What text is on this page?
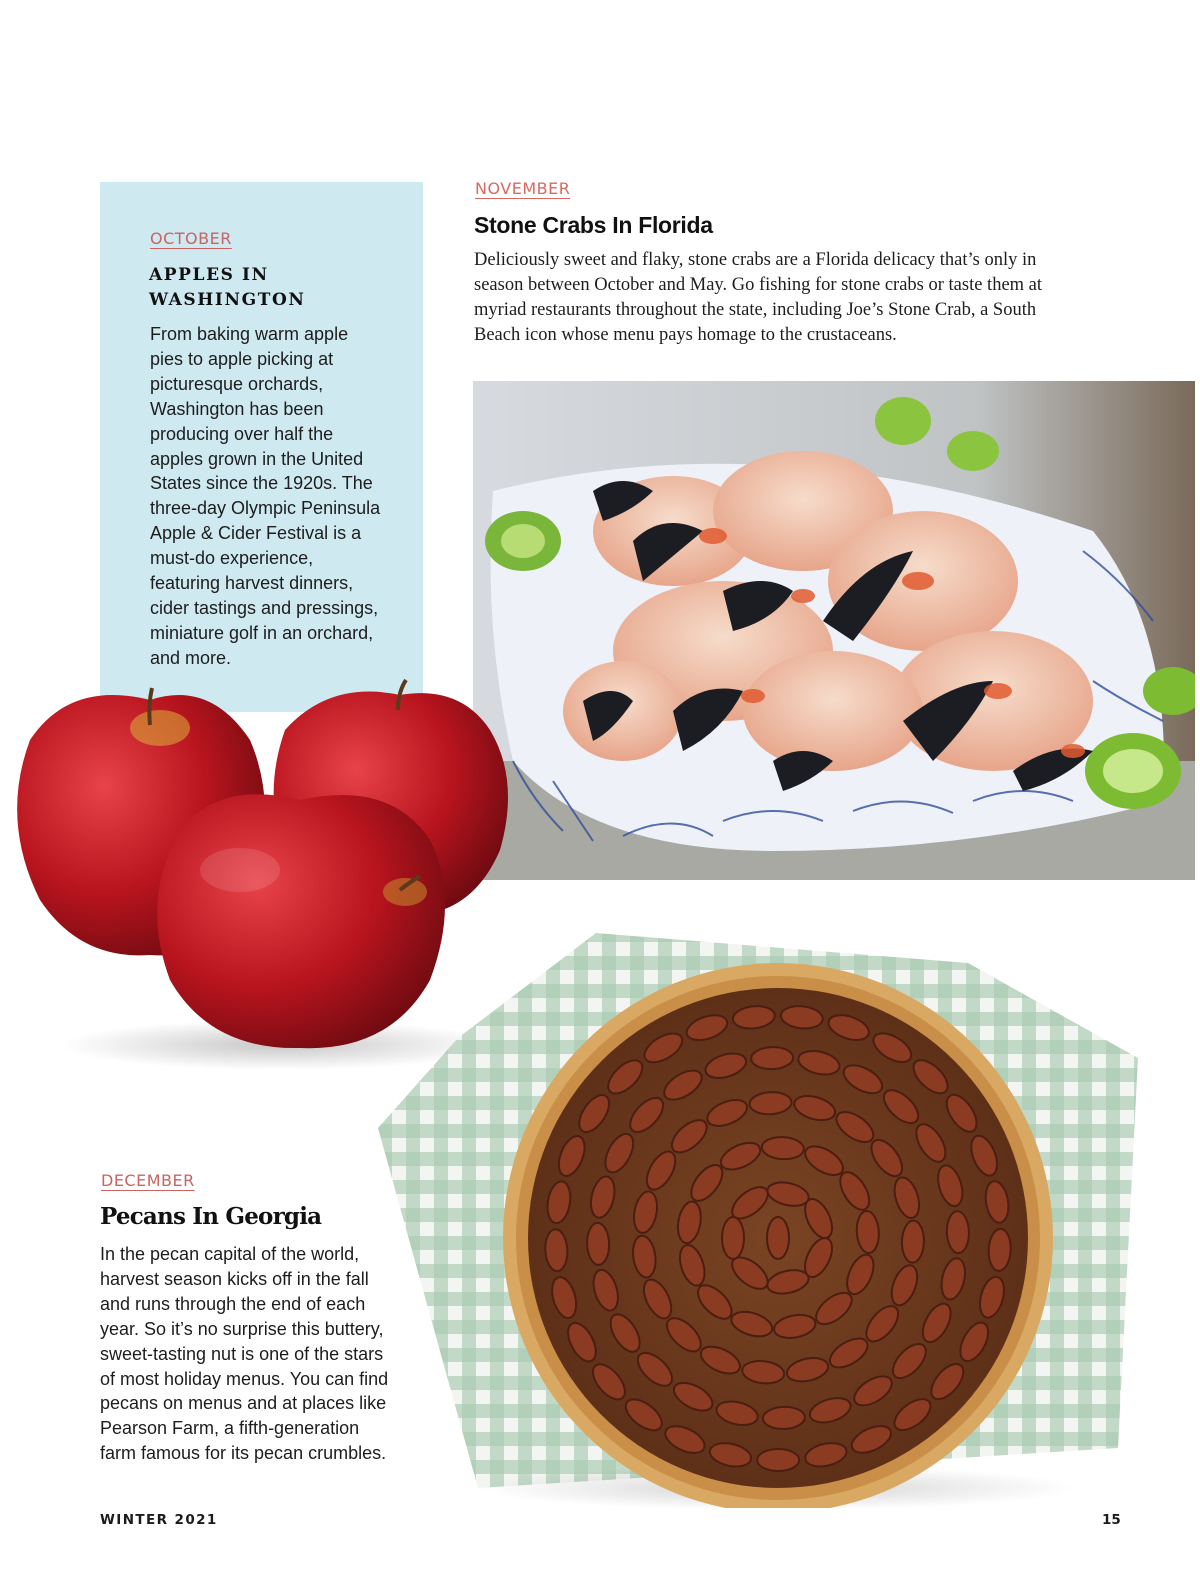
OCTOBER
APPLES IN
WASHINGTON
From baking warm apple pies to apple picking at picturesque orchards, Washington has been producing over half the apples grown in the United States since the 1920s. The three-day Olympic Peninsula Apple & Cider Festival is a must-do experience, featuring harvest dinners, cider tastings and pressings, miniature golf in an orchard, and more.
NOVEMBER
Stone Crabs In Florida
Deliciously sweet and flaky, stone crabs are a Florida delicacy that’s only in season between October and May. Go fishing for stone crabs or taste them at myriad restaurants throughout the state, including Joe’s Stone Crab, a South Beach icon whose menu pays homage to the crustaceans.
DECEMBER
Pecans In Georgia
In the pecan capital of the world, harvest season kicks off in the fall and runs through the end of each year. So it’s no surprise this buttery, sweet-tasting nut is one of the stars of most holiday menus. You can find pecans on menus and at places like Pearson Farm, a fifth-generation farm famous for its pecan crumbles.
WINTER 2021	15
